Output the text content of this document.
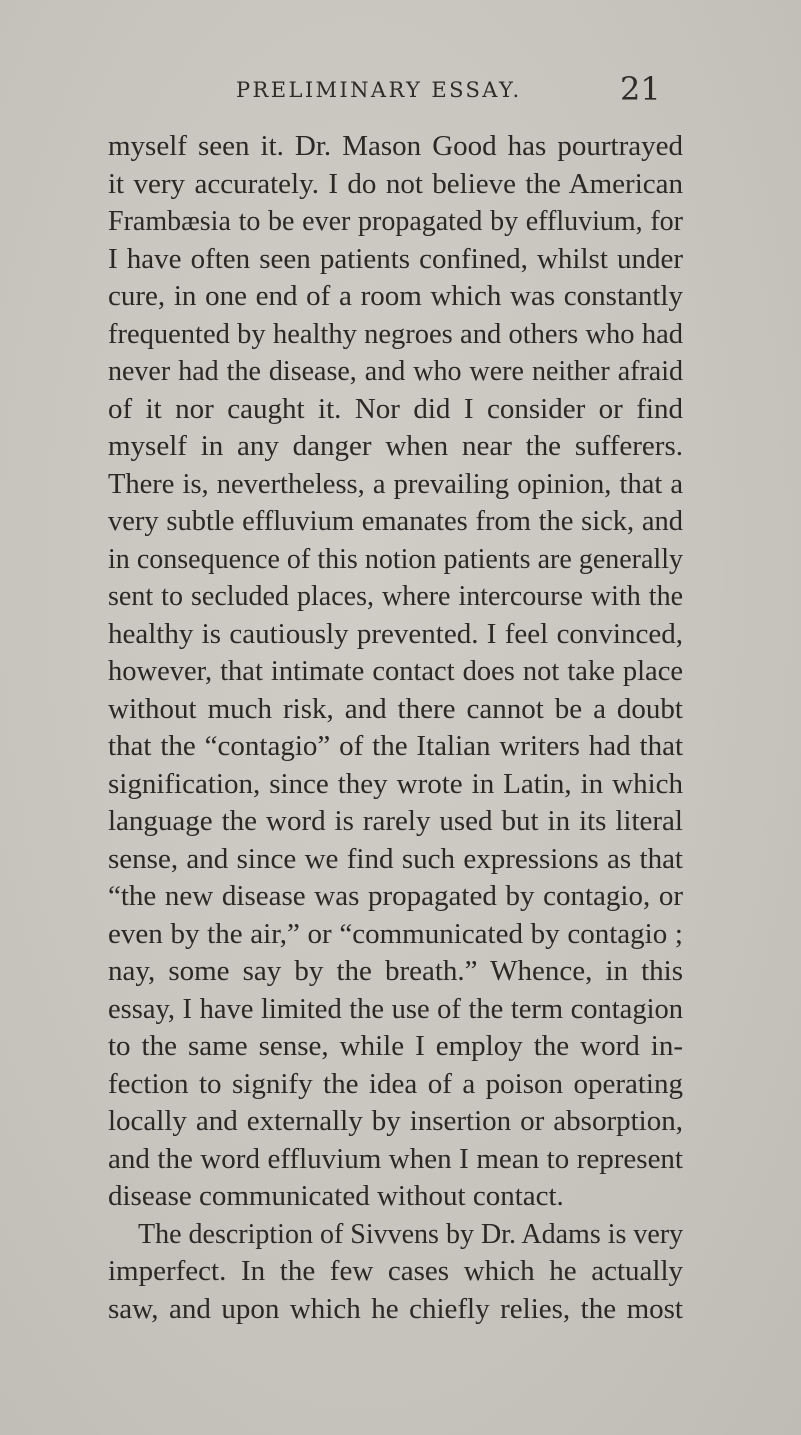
PRELIMINARY ESSAY.	21
myself seen it. Dr. Mason Good has pourtrayed
it very accurately. I do not believe the American
Frambæsia to be ever propagated by effluvium, for
I have often seen patients confined, whilst under
cure, in one end of a room which was constantly
frequented by healthy negroes and others who had
never had the disease, and who were neither afraid
of it nor caught it. Nor did I consider or find
myself in any danger when near the sufferers.
There is, nevertheless, a prevailing opinion, that a
very subtle effluvium emanates from the sick, and
in consequence of this notion patients are generally
sent to secluded places, where intercourse with the
healthy is cautiously prevented. I feel convinced,
however, that intimate contact does not take place
without much risk, and there cannot be a doubt
that the “contagio” of the Italian writers had that
signification, since they wrote in Latin, in which
language the word is rarely used but in its literal
sense, and since we find such expressions as that
“the new disease was propagated by contagio, or
even by the air,” or “communicated by contagio ;
nay, some say by the breath.” Whence, in this
essay, I have limited the use of the term contagion
to the same sense, while I employ the word in-
fection to signify the idea of a poison operating
locally and externally by insertion or absorption,
and the word effluvium when I mean to represent
disease communicated without contact.
The description of Sivvens by Dr. Adams is very
imperfect. In the few cases which he actually
saw, and upon which he chiefly relies, the most
